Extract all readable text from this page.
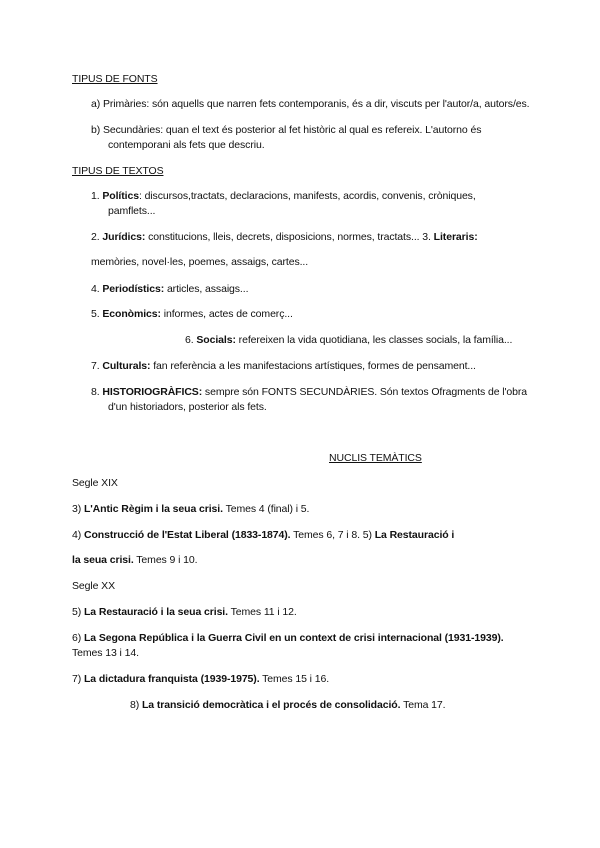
TIPUS DE FONTS
a) Primàries: són aquells que narren fets contemporanis, és a dir, viscuts per l'autor/a, autors/es.
b) Secundàries: quan el text és posterior al fet històric al qual es refereix. L'autorno és
contemporani als fets que descriu.
TIPUS DE TEXTOS
1. Polítics: discursos,tractats, declaracions, manifests, acordis, convenis, cròniques,
pamflets...
2. Jurídics: constitucions, lleis, decrets, disposicions, normes, tractats... 3. Literaris:
memòries, novel·les, poemes, assaigs, cartes...
4. Periodístics: articles, assaigs...
5. Econòmics: informes, actes de comerç...
6. Socials: refereixen la vida quotidiana, les classes socials, la família...
7. Culturals: fan referència a les manifestacions artístiques, formes de pensament...
8. HISTORIOGRÀFICS: sempre són FONTS SECUNDÀRIES. Són textos Ofragments de l'obra
d'un historiadors, posterior als fets.
NUCLIS TEMÀTICS
Segle XIX
3) L'Antic Règim i la seua crisi. Temes 4 (final) i 5.
4) Construcció de l'Estat Liberal (1833-1874). Temes 6, 7 i 8. 5) La Restauració i
la seua crisi. Temes 9 i 10.
Segle XX
5) La Restauració i la seua crisi. Temes 11 i 12.
6) La Segona República i la Guerra Civil en un context de crisi internacional (1931-1939).
Temes 13 i 14.
7) La dictadura franquista (1939-1975). Temes 15 i 16.
8) La transició democràtica i el procés de consolidació. Tema 17.
